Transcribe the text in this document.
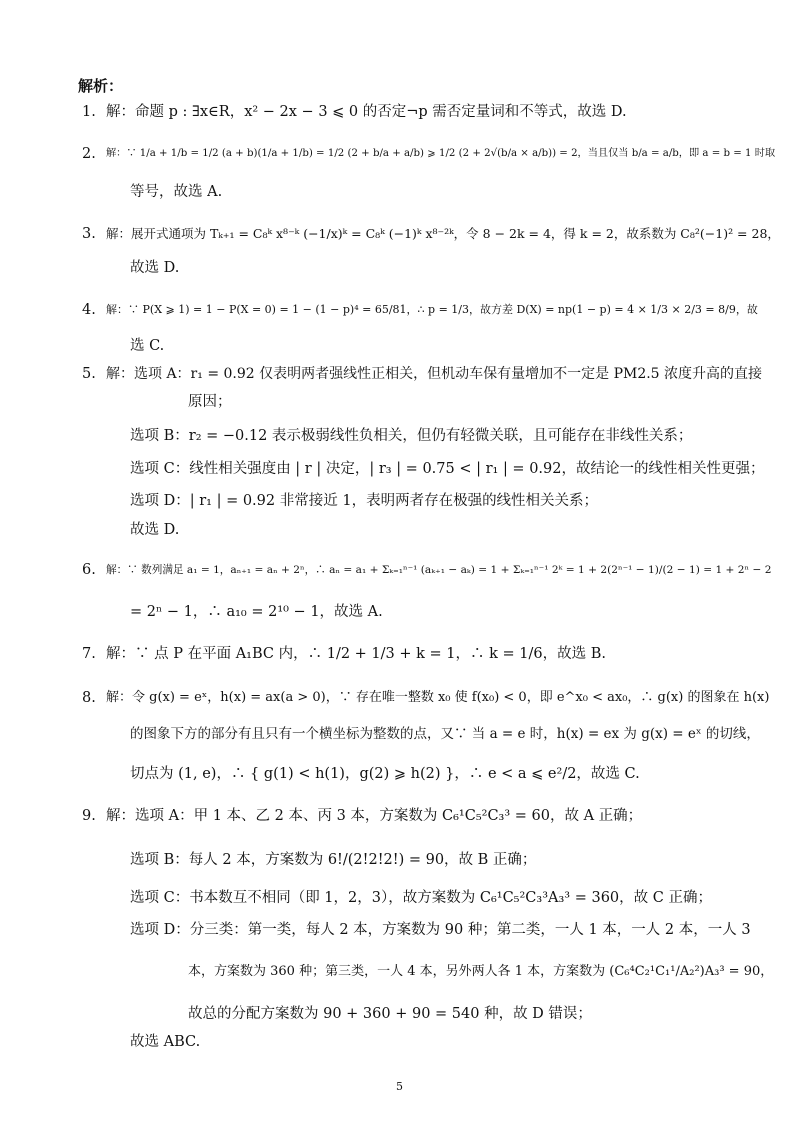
解析：
1. 解：命题 p : ∃x∈R，x² − 2x − 3 ⩽ 0 的否定¬p 需否定量词和不等式，故选 D.
2. 解：∵ 1/a + 1/b = 1/2 (a + b)(1/a + 1/b) = 1/2 (2 + b/a + a/b) ⩾ 1/2 (2 + 2√(b/a × a/b)) = 2，当且仅当 b/a = a/b，即 a = b = 1 时取
等号，故选 A.
3. 解：展开式通项为 Tₖ₊₁ = C₈ᵏ x⁸⁻ᵏ (−1/x)ᵏ = C₈ᵏ (−1)ᵏ x⁸⁻²ᵏ，令 8 − 2k = 4，得 k = 2，故系数为 C₈²(−1)² = 28，
故选 D.
4. 解：∵ P(X ⩾ 1) = 1 − P(X = 0) = 1 − (1 − p)⁴ = 65/81，∴ p = 1/3，故方差 D(X) = np(1 − p) = 4 × 1/3 × 2/3 = 8/9，故
选 C.
5. 解：选项 A：r₁ = 0.92 仅表明两者强线性正相关，但机动车保有量增加不一定是 PM2.5 浓度升高的直接
原因；
选项 B：r₂ = −0.12 表示极弱线性负相关，但仍有轻微关联，且可能存在非线性关系；
选项 C：线性相关强度由 | r | 决定，| r₃ | = 0.75 < | r₁ | = 0.92，故结论一的线性相关性更强；
选项 D：| r₁ | = 0.92 非常接近 1，表明两者存在极强的线性相关关系；
故选 D.
6. 解：∵ 数列满足 a₁ = 1，aₙ₊₁ = aₙ + 2ⁿ，∴ aₙ = a₁ + Σₖ₌₁ⁿ⁻¹ (aₖ₊₁ − aₖ) = 1 + Σₖ₌₁ⁿ⁻¹ 2ᵏ = 1 + 2(2ⁿ⁻¹ − 1)/(2 − 1) = 1 + 2ⁿ − 2
= 2ⁿ − 1，∴ a₁₀ = 2¹⁰ − 1，故选 A.
7. 解：∵ 点 P 在平面 A₁BC 内，∴ 1/2 + 1/3 + k = 1，∴ k = 1/6，故选 B.
8. 解：令 g(x) = eˣ，h(x) = ax(a > 0)，∵ 存在唯一整数 x₀ 使 f(x₀) < 0，即 e^x₀ < ax₀，∴ g(x) 的图象在 h(x)
的图象下方的部分有且只有一个横坐标为整数的点，又∵ 当 a = e 时，h(x) = ex 为 g(x) = eˣ 的切线，
切点为 (1, e)，∴ { g(1) < h(1)，g(2) ⩾ h(2) }，∴ e < a ⩽ e²/2，故选 C.
9. 解：选项 A：甲 1 本、乙 2 本、丙 3 本，方案数为 C₆¹C₅²C₃³ = 60，故 A 正确；
选项 B：每人 2 本，方案数为 6!/(2!2!2!) = 90，故 B 正确；
选项 C：书本数互不相同（即 1，2，3），故方案数为 C₆¹C₅²C₃³A₃³ = 360，故 C 正确；
选项 D：分三类：第一类，每人 2 本，方案数为 90 种；第二类，一人 1 本，一人 2 本，一人 3
本，方案数为 360 种；第三类，一人 4 本，另外两人各 1 本，方案数为 (C₆⁴C₂¹C₁¹/A₂²)A₃³ = 90，
故总的分配方案数为 90 + 360 + 90 = 540 种，故 D 错误；
故选 ABC.
5
